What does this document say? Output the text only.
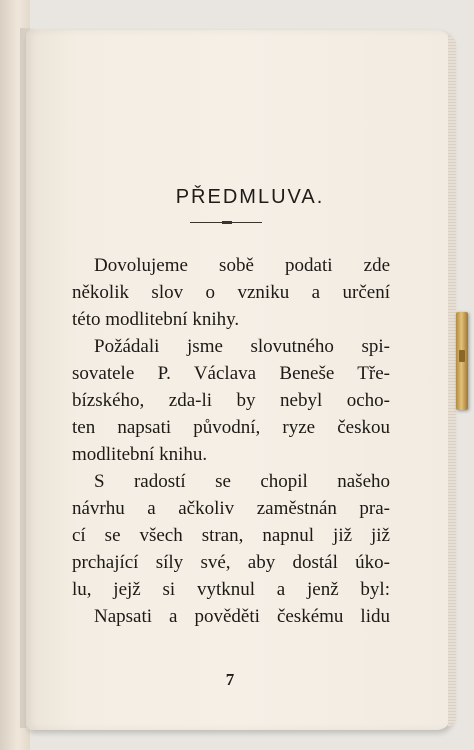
PŘEDMLUVA.
Dovolujeme sobě podati zde
několik slov o vzniku a určení
této modlitební knihy.
Požádali jsme slovutného spi-
sovatele P. Václava Beneše Tře-
bízského, zda-li by nebyl ocho-
ten napsati původní, ryze českou
modlitební knihu.
S radostí se chopil našeho
návrhu a ačkoliv zaměstnán pra-
cí se všech stran, napnul již již
prchající síly své, aby dostál úko-
lu, jejž si vytknul a jenž byl:
Napsati a pověděti českému lidu
7
